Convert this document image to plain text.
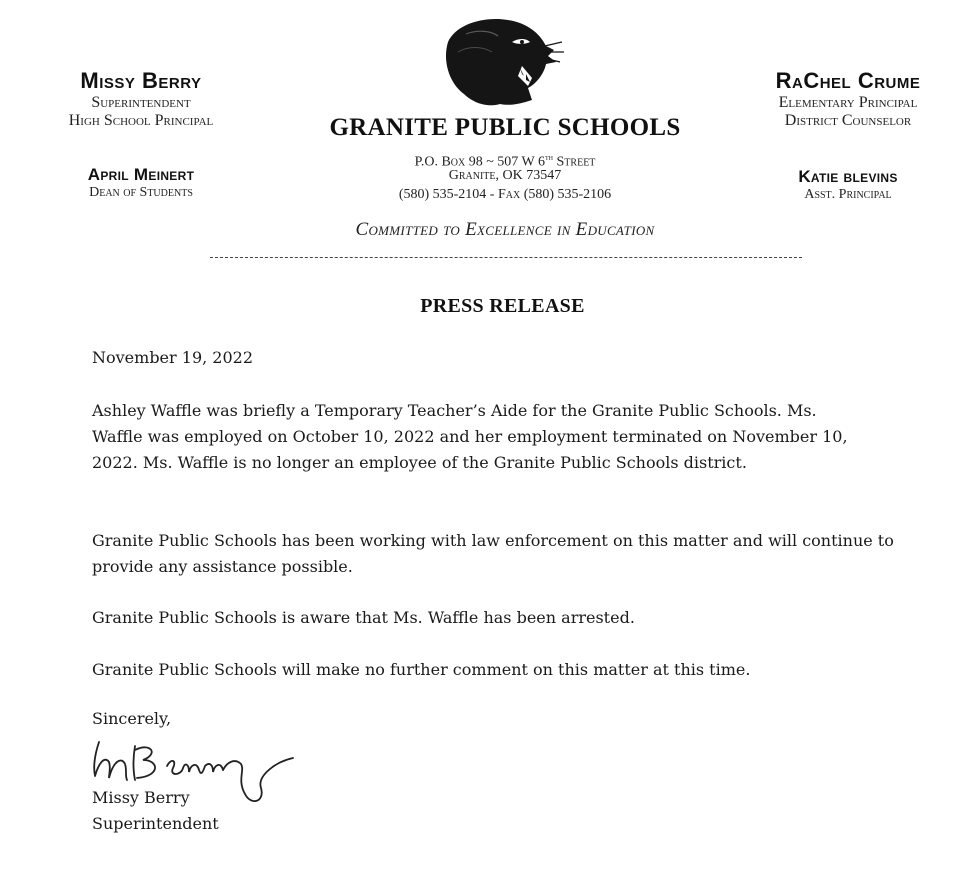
Missy Berry
Superintendent
High School Principal
April Meinert
Dean of Students
RaChel Crume
Elementary Principal
District Counselor
Katie blevins
Asst. Principal
GRANITE PUBLIC SCHOOLS
P.O. Box 98 ~ 507 W 6th Street
Granite, OK 73547
(580) 535-2104 - Fax (580) 535-2106
Committed to Excellence in Education
PRESS RELEASE

November 19, 2022

Ashley Waffle was briefly a Temporary Teacher’s Aide for the Granite Public Schools. Ms. Waffle was employed on October 10, 2022 and her employment terminated on November 10, 2022. Ms. Waffle is no longer an employee of the Granite Public Schools district.

Granite Public Schools has been working with law enforcement on this matter and will continue to provide any assistance possible.

Granite Public Schools is aware that Ms. Waffle has been arrested.

Granite Public Schools will make no further comment on this matter at this time.

Sincerely,

Missy Berry

Superintendent
